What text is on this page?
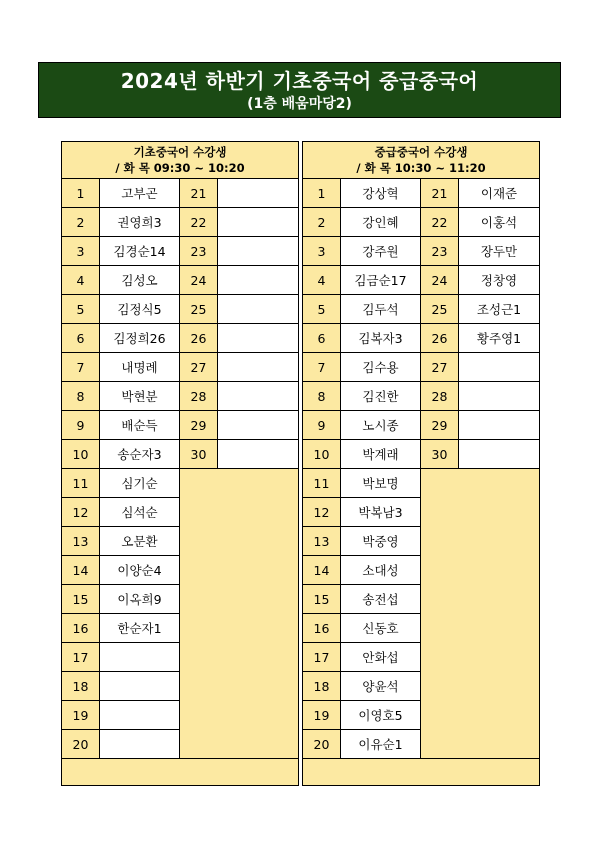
2024년 하반기 기초중국어 중급중국어
(1층 배움마당2)
기초중국어 수강생
/ 화 목 09:30 ~ 10:20			

1	고부곤	21	
2	권영희3	22	
3	김경순14	23	
4	김성오	24	
5	김정식5	25	
6	김정희26	26	
7	내명례	27	
8	박현분	28	
9	배순득	29	
10	송순자3	30	
11	심기순		
12	심석순		
13	오문환		
14	이양순4		
15	이옥희9		
16	한순자1		
17			
18			
19			
20			

중급중국어 수강생
/ 화 목 10:30 ~ 11:20			

1	강상혁	21	이재준
2	강인혜	22	이홍석
3	강주원	23	장두만
4	김금순17	24	정창영
5	김두석	25	조성근1
6	김복자3	26	황주영1
7	김수용	27	
8	김진한	28	
9	노시종	29	
10	박계래	30	
11	박보명		
12	박복남3		
13	박중영		
14	소대성		
15	송전섭		
16	신동호		
17	안화섭		
18	양윤석		
19	이영호5		
20	이유순1		
